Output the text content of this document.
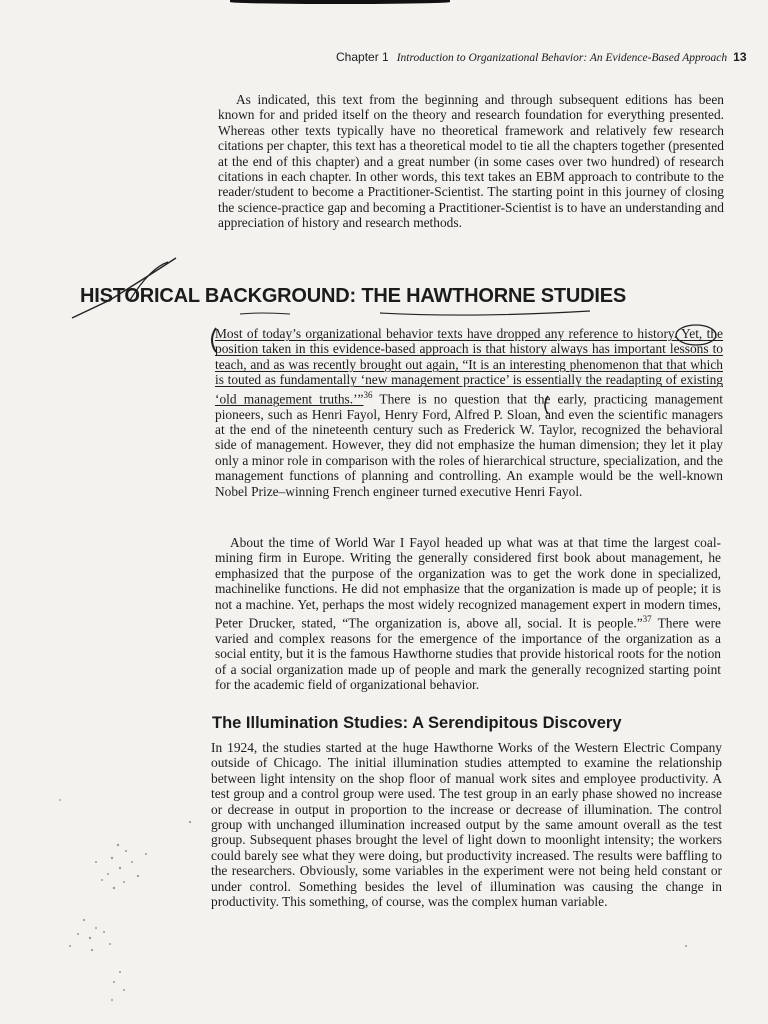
Chapter 1 Introduction to Organizational Behavior: An Evidence-Based Approach 13

As indicated, this text from the beginning and through subsequent editions has been known for and prided itself on the theory and research foundation for everything presented. Whereas other texts typically have no theoretical framework and relatively few research citations per chapter, this text has a theoretical model to tie all the chapters together (presented at the end of this chapter) and a great number (in some cases over two hundred) of research citations in each chapter. In other words, this text takes an EBM approach to contribute to the reader/student to become a Practitioner-Scientist. The starting point in this journey of closing the science-practice gap and becoming a Practitioner-Scientist is to have an understanding and appreciation of history and research methods.

HISTORICAL BACKGROUND: THE HAWTHORNE STUDIES

Most of today’s organizational behavior texts have dropped any reference to history. Yet, the position taken in this evidence-based approach is that history always has important lessons to teach, and as was recently brought out again, “It is an interesting phenomenon that that which is touted as fundamentally ‘new management practice’ is essentially the readapting of existing ‘old management truths.’”$^{36}$ There is no question that the early, practicing management pioneers, such as Henri Fayol, Henry Ford, Alfred P. Sloan, and even the scientific managers at the end of the nineteenth century such as Frederick W. Taylor, recognized the behavioral side of management. However, they did not emphasize the human dimension; they let it play only a minor role in comparison with the roles of hierarchical structure, specialization, and the management functions of planning and controlling. An example would be the well-known Nobel Prize–winning French engineer turned executive Henri Fayol.

About the time of World War I Fayol headed up what was at that time the largest coal-mining firm in Europe. Writing the generally considered first book about management, he emphasized that the purpose of the organization was to get the work done in specialized, machinelike functions. He did not emphasize that the organization is made up of people; it is not a machine. Yet, perhaps the most widely recognized management expert in modern times, Peter Drucker, stated, “The organization is, above all, social. It is people.”$^{37}$ There were varied and complex reasons for the emergence of the importance of the organization as a social entity, but it is the famous Hawthorne studies that provide historical roots for the notion of a social organization made up of people and mark the generally recognized starting point for the academic field of organizational behavior.

The Illumination Studies: A Serendipitous Discovery

In 1924, the studies started at the huge Hawthorne Works of the Western Electric Company outside of Chicago. The initial illumination studies attempted to examine the relationship between light intensity on the shop floor of manual work sites and employee productivity. A test group and a control group were used. The test group in an early phase showed no increase or decrease in output in proportion to the increase or decrease of illumination. The control group with unchanged illumination increased output by the same amount overall as the test group. Subsequent phases brought the level of light down to moonlight intensity; the workers could barely see what they were doing, but productivity increased. The results were baffling to the researchers. Obviously, some variables in the experiment were not being held constant or under control. Something besides the level of illumination was causing the change in productivity. This something, of course, was the complex human variable.
